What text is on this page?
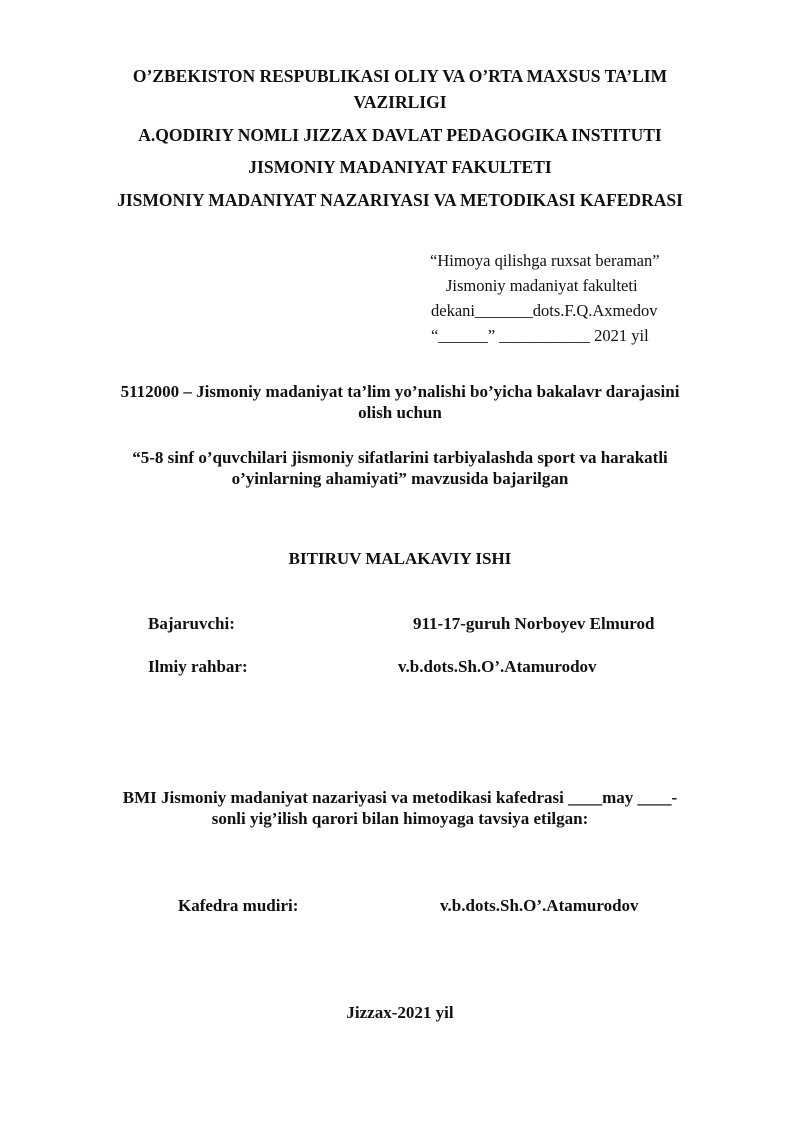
O’ZBEKISTON RESPUBLIKASI OLIY VA O’RTA MAXSUS TA’LIM
VAZIRLIGI
A.QODIRIY NOMLI JIZZAX DAVLAT PEDAGOGIKA INSTITUTI
JISMONIY MADANIYAT FAKULTETI
JISMONIY MADANIYAT NAZARIYASI VA METODIKASI KAFEDRASI
“Himoya qilishga ruxsat beraman”
Jismoniy madaniyat fakulteti
dekani_______dots.F.Q.Axmedov
“______” ___________ 2021 yil
5112000 – Jismoniy madaniyat ta’lim yo’nalishi bo’yicha bakalavr darajasini
olish uchun
“5-8 sinf o’quvchilari jismoniy sifatlarini tarbiyalashda sport va harakatli
o’yinlarning ahamiyati” mavzusida bajarilgan
BITIRUV MALAKAVIY ISHI
Bajaruvchi:	911-17-guruh Norboyev Elmurod
Ilmiy rahbar:	v.b.dots.Sh.O’.Atamurodov
BMI Jismoniy madaniyat nazariyasi va metodikasi kafedrasi ____may ____-
sonli yig’ilish qarori bilan himoyaga tavsiya etilgan:
Kafedra mudiri:	v.b.dots.Sh.O’.Atamurodov
Jizzax-2021 yil
